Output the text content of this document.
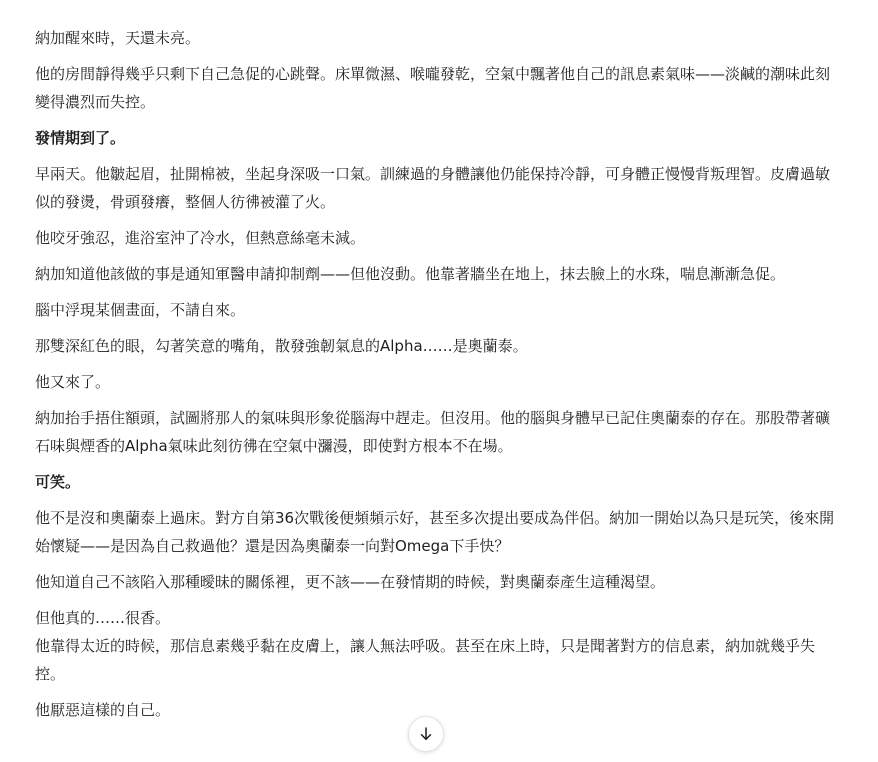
納加醒來時，天還未亮。

他的房間靜得幾乎只剩下自己急促的心跳聲。床單微濕、喉嚨發乾，空氣中飄著他自己的訊息素氣味——淡鹹的潮味此刻變得濃烈而失控。

發情期到了。

早兩天。他皺起眉，扯開棉被，坐起身深吸一口氣。訓練過的身體讓他仍能保持冷靜，可身體正慢慢背叛理智。皮膚過敏似的發燙，骨頭發癢，整個人彷彿被灌了火。

他咬牙強忍，進浴室沖了冷水，但熱意絲毫未減。

納加知道他該做的事是通知軍醫申請抑制劑——但他沒動。他靠著牆坐在地上，抹去臉上的水珠，喘息漸漸急促。

腦中浮現某個畫面，不請自來。

那雙深紅色的眼，勾著笑意的嘴角，散發強韌氣息的Alpha……是奧蘭泰。

他又來了。

納加抬手捂住額頭，試圖將那人的氣味與形象從腦海中趕走。但沒用。他的腦與身體早已記住奧蘭泰的存在。那股帶著礦石味與煙香的Alpha氣味此刻彷彿在空氣中瀰漫，即使對方根本不在場。

可笑。

他不是沒和奧蘭泰上過床。對方自第36次戰後便頻頻示好，甚至多次提出要成為伴侶。納加一開始以為只是玩笑，後來開始懷疑——是因為自己救過他？還是因為奧蘭泰一向對Omega下手快？

他知道自己不該陷入那種曖昧的關係裡，更不該——在發情期的時候，對奧蘭泰產生這種渴望。

但他真的……很香。

他靠得太近的時候，那信息素幾乎黏在皮膚上，讓人無法呼吸。甚至在床上時，只是聞著對方的信息素，納加就幾乎失控。

他厭惡這樣的自己。
